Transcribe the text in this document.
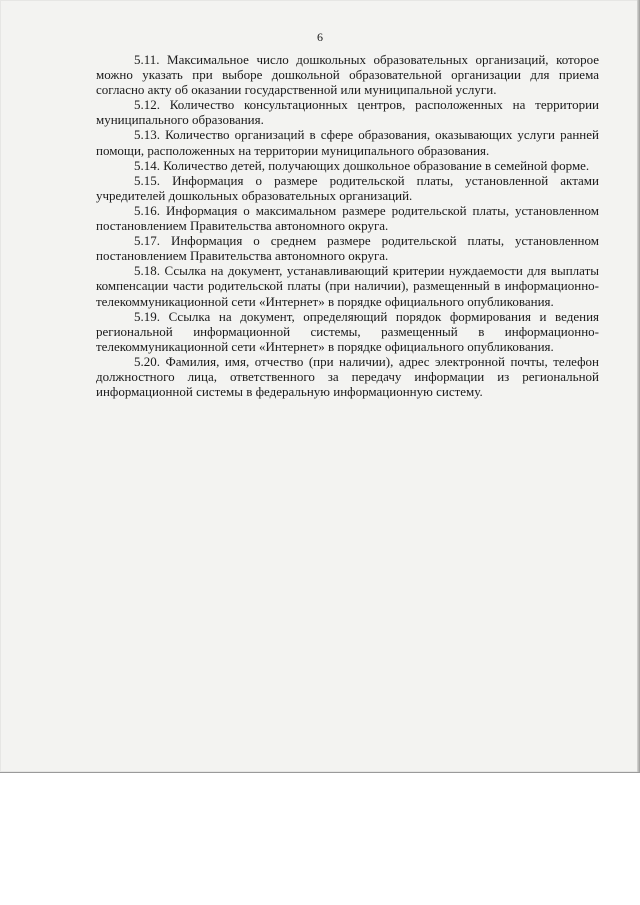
6

5.11. Максимальное число дошкольных образовательных организаций, которое можно указать при выборе дошкольной образовательной организации для приема согласно акту об оказании государственной или муниципальной услуги.

5.12. Количество консультационных центров, расположенных на территории муниципального образования.

5.13. Количество организаций в сфере образования, оказывающих услуги ранней помощи, расположенных на территории муниципального образования.

5.14. Количество детей, получающих дошкольное образование в семейной форме.

5.15. Информация о размере родительской платы, установленной актами учредителей дошкольных образовательных организаций.

5.16. Информация о максимальном размере родительской платы, установленном постановлением Правительства автономного округа.

5.17. Информация о среднем размере родительской платы, установленном постановлением Правительства автономного округа.

5.18. Ссылка на документ, устанавливающий критерии нуждаемости для выплаты компенсации части родительской платы (при наличии), размещенный в информационно-телекоммуникационной сети «Интернет» в порядке официального опубликования.

5.19. Ссылка на документ, определяющий порядок формирования и ведения региональной информационной системы, размещенный в информационно-телекоммуникационной сети «Интернет» в порядке официального опубликования.

5.20. Фамилия, имя, отчество (при наличии), адрес электронной почты, телефон должностного лица, ответственного за передачу информации из региональной информационной системы в федеральную информационную систему.
